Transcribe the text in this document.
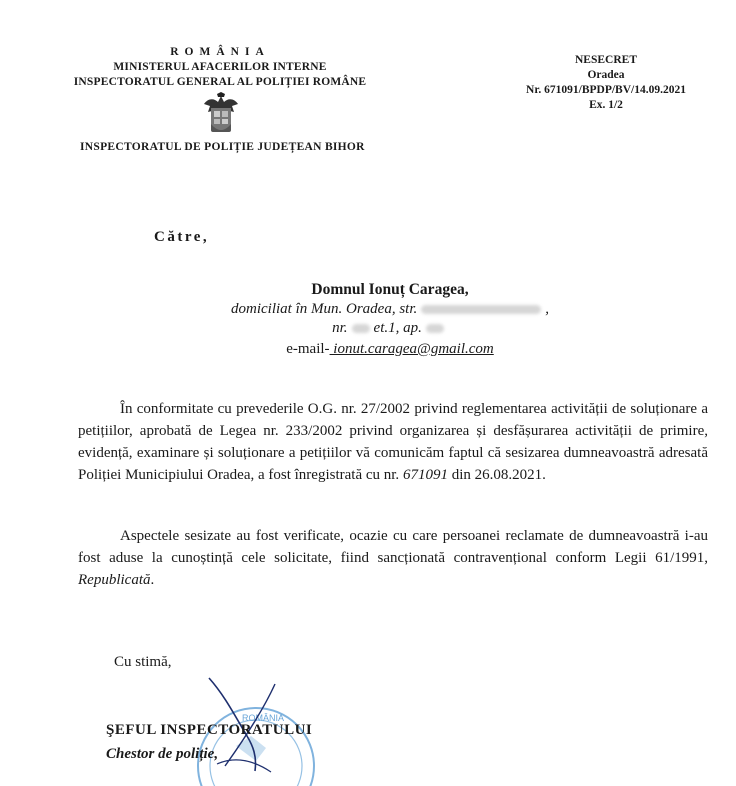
ROMÂNIA
MINISTERUL AFACERILOR INTERNE
INSPECTORATUL GENERAL AL POLIȚIEI ROMÂNE
INSPECTORATUL DE POLIȚIE JUDEȚEAN BIHOR
NESECRET
Oradea
Nr. 671091/BPDP/BV/14.09.2021
Ex. 1/2
Către,
Domnul Ionuț Caragea,
domiciliat în Mun. Oradea, str.	,
nr. et.1, ap.
e-mail- ionut.caragea@gmail.com
În conformitate cu prevederile O.G. nr. 27/2002 privind reglementarea activității de soluționare a petițiilor, aprobată de Legea nr. 233/2002 privind organizarea și desfășurarea activității de primire, evidență, examinare și soluționare a petițiilor vă comunicăm faptul că sesizarea dumneavoastră adresată Poliției Municipiului Oradea, a fost înregistrată cu nr. 671091 din 26.08.2021.
Aspectele sesizate au fost verificate, ocazie cu care persoanei reclamate de dumneavoastră i-au fost aduse la cunoștință cele solicitate, fiind sancționată contravențional conform Legii 61/1991, Republicată.
Cu stimă,
ROMÂNIA
ŞEFUL INSPECTORATULUI
Chestor de poliție,
